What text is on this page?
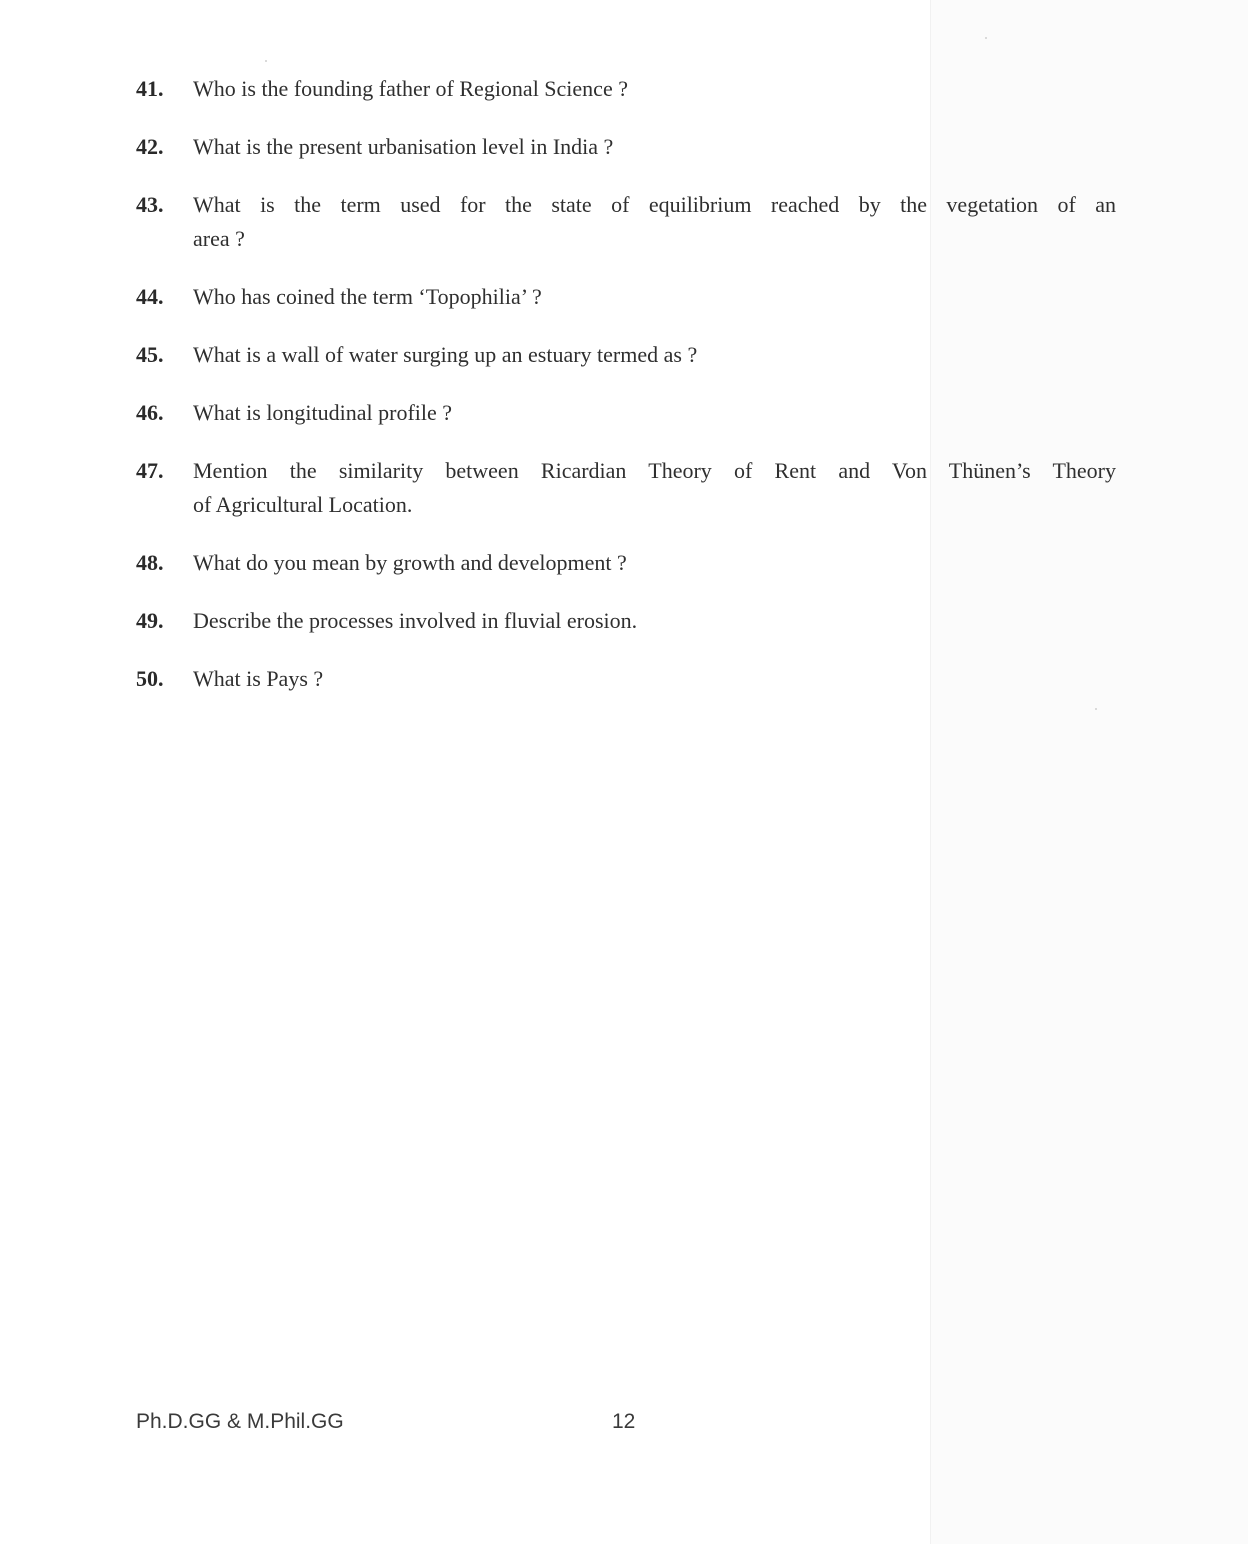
41. Who is the founding father of Regional Science ?
42. What is the present urbanisation level in India ?
43. What is the term used for the state of equilibrium reached by the vegetation of an
area ?
44. Who has coined the term ‘Topophilia’ ?
45. What is a wall of water surging up an estuary termed as ?
46. What is longitudinal profile ?
47. Mention the similarity between Ricardian Theory of Rent and Von Thünen’s Theory
of Agricultural Location.
48. What do you mean by growth and development ?
49. Describe the processes involved in fluvial erosion.
50. What is Pays ?
Ph.D.GG & M.Phil.GG	12
